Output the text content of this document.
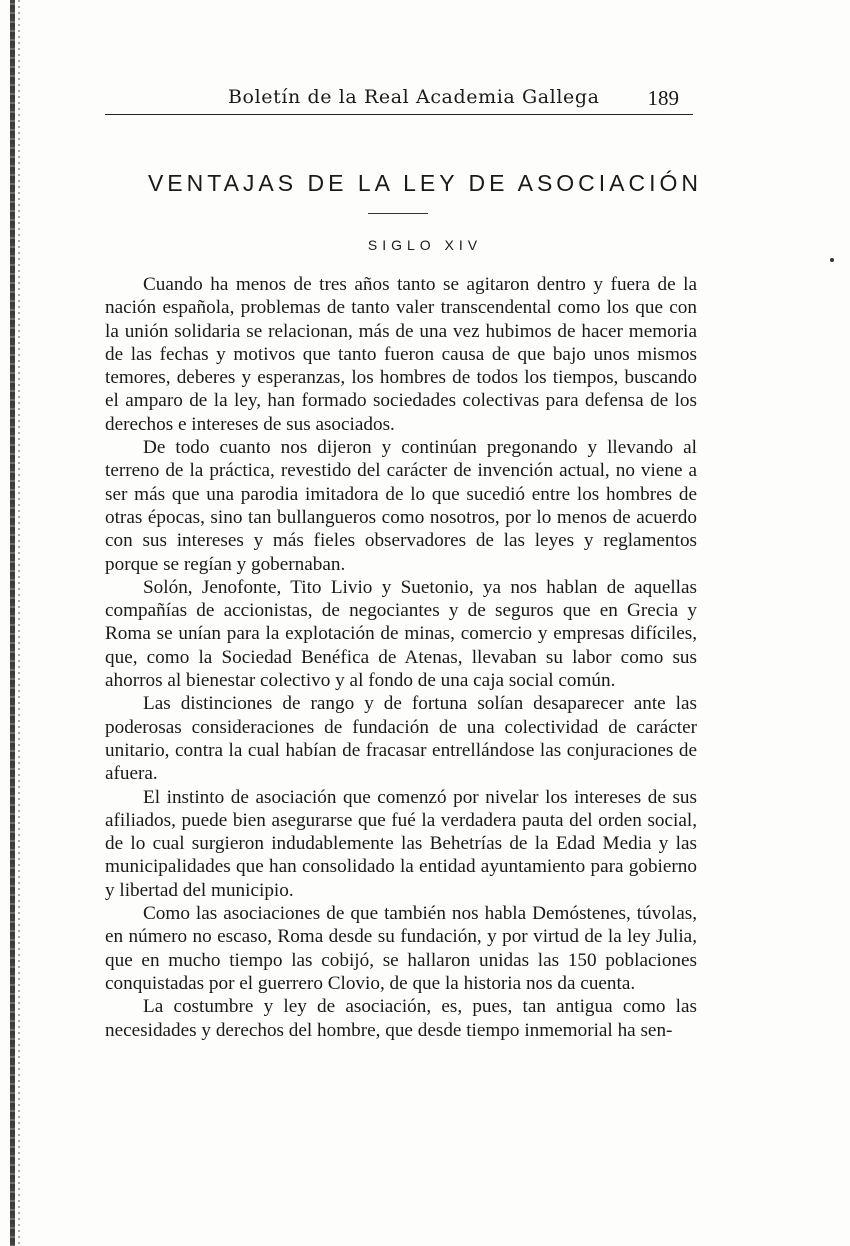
Boletín de la Real Academia Gallega 189
VENTAJAS DE LA LEY DE ASOCIACIÓN
SIGLO XIV

Cuando ha menos de tres años tanto se agitaron dentro y fuera de la nación española, problemas de tanto valer transcendental como los que con la unión solidaria se relacionan, más de una vez hubimos de hacer memoria de las fechas y motivos que tanto fueron causa de que bajo unos mismos temores, deberes y esperanzas, los hombres de todos los tiempos, buscando el amparo de la ley, han formado sociedades colectivas para defensa de los derechos e intereses de sus asociados.

De todo cuanto nos dijeron y continúan pregonando y llevando al terreno de la práctica, revestido del carácter de invención actual, no viene a ser más que una parodia imitadora de lo que sucedió entre los hombres de otras épocas, sino tan bullangueros como nosotros, por lo menos de acuerdo con sus intereses y más fieles observadores de las leyes y reglamentos porque se regían y gobernaban.

Solón, Jenofonte, Tito Livio y Suetonio, ya nos hablan de aquellas compañías de accionistas, de negociantes y de seguros que en Grecia y Roma se unían para la explotación de minas, comercio y empresas difíciles, que, como la Sociedad Benéfica de Atenas, llevaban su labor como sus ahorros al bienestar colectivo y al fondo de una caja social común.

Las distinciones de rango y de fortuna solían desaparecer ante las poderosas consideraciones de fundación de una colectividad de carácter unitario, contra la cual habían de fracasar entrellándose las conjuraciones de afuera.

El instinto de asociación que comenzó por nivelar los intereses de sus afiliados, puede bien asegurarse que fué la verdadera pauta del orden social, de lo cual surgieron indudablemente las Behetrías de la Edad Media y las municipalidades que han consolidado la entidad ayuntamiento para gobierno y libertad del municipio.

Como las asociaciones de que también nos habla Demóstenes, túvolas, en número no escaso, Roma desde su fundación, y por virtud de la ley Julia, que en mucho tiempo las cobijó, se hallaron unidas las 150 poblaciones conquistadas por el guerrero Clovio, de que la historia nos da cuenta.

La costumbre y ley de asociación, es, pues, tan antigua como las necesidades y derechos del hombre, que desde tiempo inmemorial ha sen-
